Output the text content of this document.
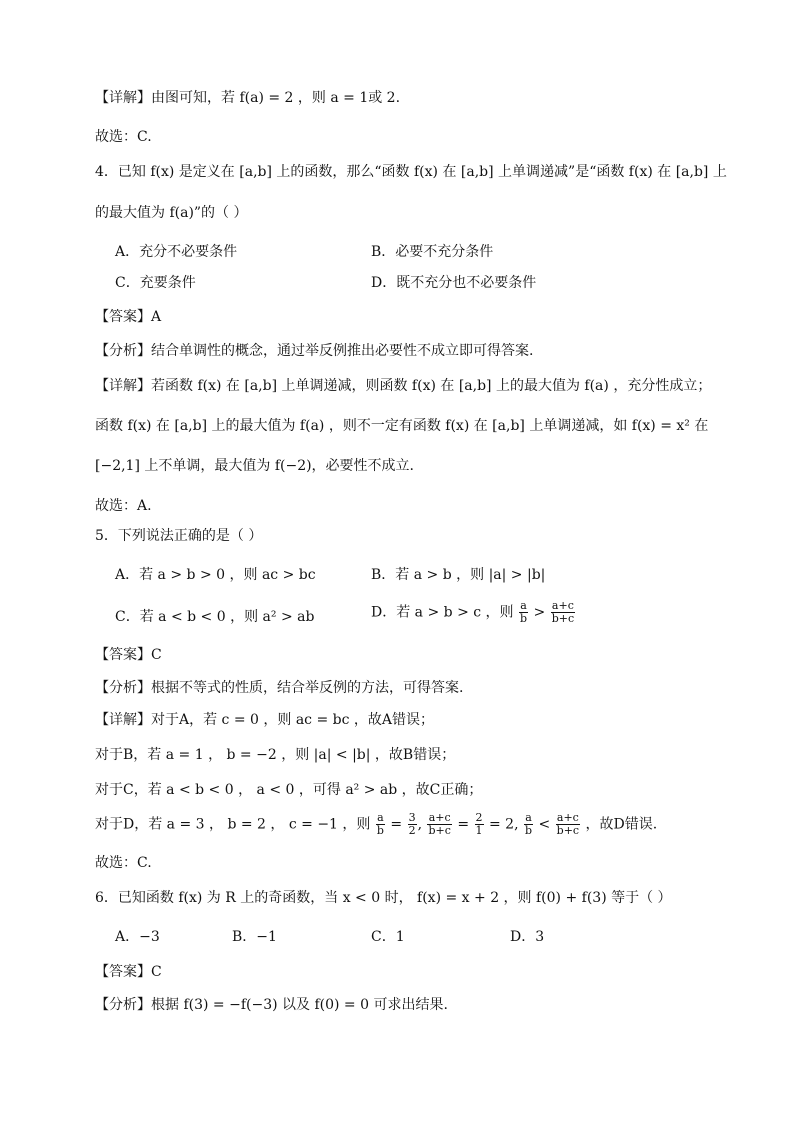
【详解】由图可知，若 f(a) = 2 ，则 a = 1或 2.
故选：C.
4．已知 f(x) 是定义在 [a,b] 上的函数，那么“函数 f(x) 在 [a,b] 上单调递减”是“函数 f(x) 在 [a,b] 上
的最大值为 f(a)”的（ ）
A．充分不必要条件	B．必要不充分条件
C．充要条件	D．既不充分也不必要条件
【答案】A
【分析】结合单调性的概念，通过举反例推出必要性不成立即可得答案.
【详解】若函数 f(x) 在 [a,b] 上单调递减，则函数 f(x) 在 [a,b] 上的最大值为 f(a) ，充分性成立；
函数 f(x) 在 [a,b] 上的最大值为 f(a) ，则不一定有函数 f(x) 在 [a,b] 上单调递减，如 f(x) = x² 在
[−2,1] 上不单调，最大值为 f(−2)，必要性不成立.
故选：A.
5．下列说法正确的是（ ）
A．若 a > b > 0 ，则 ac > bc	B．若 a > b ，则 |a| > |b|
C．若 a < b < 0 ，则 a² > ab	D．若 a > b > c ，则 $\frac{a}{b} > \frac{a+c}{b+c}$
【答案】C
【分析】根据不等式的性质，结合举反例的方法，可得答案.
【详解】对于A，若 c = 0 ，则 ac = bc ，故A错误；
对于B，若 a = 1 ， b = −2 ，则 |a| < |b| ，故B错误；
对于C，若 a < b < 0 ， a < 0 ，可得 a² > ab ，故C正确；
对于D，若 a = 3 ， b = 2 ， c = −1 ，则 $\frac{a}{b} = \frac{3}{2}$ , $\frac{a+c}{b+c} = \frac{2}{1} = 2$, $\frac{a}{b} < \frac{a+c}{b+c}$ ，故D错误.
故选：C.
6．已知函数 f(x) 为 R 上的奇函数，当 x < 0 时， f(x) = x + 2 ，则 f(0) + f(3) 等于（ ）
A．−3	B．−1	C．1	D．3
【答案】C
【分析】根据 f(3) = −f(−3) 以及 f(0) = 0 可求出结果.
